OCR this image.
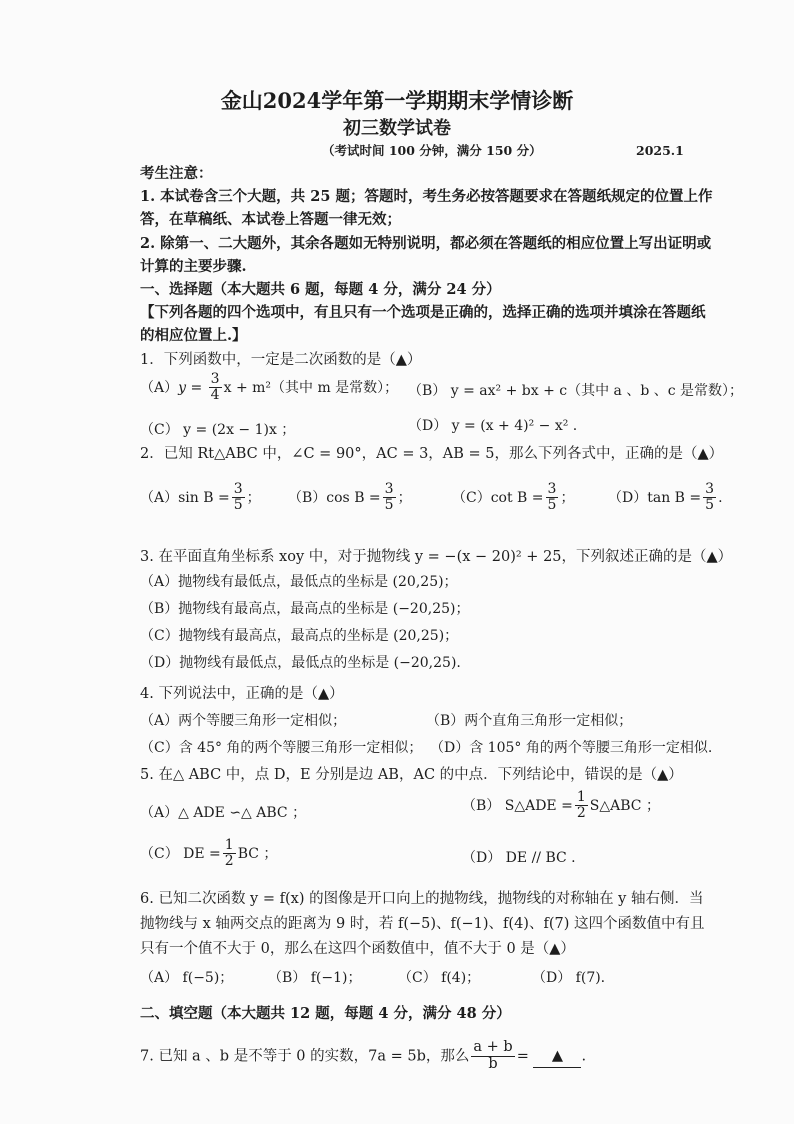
金山2024学年第一学期期末学情诊断
初三数学试卷
（考试时间 100 分钟，满分 150 分）	2025.1
考生注意：
1. 本试卷含三个大题，共 25 题；答题时，考生务必按答题要求在答题纸规定的位置上作
答，在草稿纸、本试卷上答题一律无效；
2. 除第一、二大题外，其余各题如无特别说明，都必须在答题纸的相应位置上写出证明或
计算的主要步骤.
一、选择题（本大题共 6 题，每题 4 分，满分 24 分）
【下列各题的四个选项中，有且只有一个选项是正确的，选择正确的选项并填涂在答题纸
的相应位置上.】
1．下列函数中，一定是二次函数的是（▲）
$(A)y = \frac{3}{4}$ x + m²（其中 m 是常数）； （B） y = ax² + bx + c（其中 a 、b 、c 是常数）；
（C） y = (2x − 1)x ；	（D） y = (x + 4)² − x² .
2．已知 Rt△ABC 中，∠C = 90°，AC = 3，AB = 5，那么下列各式中，正确的是（▲）
（A）sin $B = \frac{3}{5}$ ； （B）cos $B = \frac{3}{5}$ ；	（C）cot $B = \frac{3}{5}$ ； （D）tan $B = \frac{3}{5}$ .
3. 在平面直角坐标系 xoy 中，对于抛物线 y = −(x − 20)² + 25，下列叙述正确的是（▲）
（A）抛物线有最低点，最低点的坐标是 (20,25)；
（B）抛物线有最高点，最高点的坐标是 (−20,25)；
（C）抛物线有最高点，最高点的坐标是 (20,25)；
（D）抛物线有最低点，最低点的坐标是 (−20,25).
4. 下列说法中，正确的是（▲）
（A）两个等腰三角形一定相似；	（B）两个直角三角形一定相似；
（C）含 45° 角的两个等腰三角形一定相似； （D）含 105° 角的两个等腰三角形一定相似.
5. 在△ ABC 中，点 D，E 分别是边 AB，AC 的中点．下列结论中，错误的是（▲）
（A）△ ADE ∽△ ABC ；	（B） S△ADE = $\frac{1}{2}$ S△ABC ；
（C） DE = $\frac{1}{2}$ BC ；	（D） DE // BC .
6. 已知二次函数 y = f(x) 的图像是开口向上的抛物线，抛物线的对称轴在 y 轴右侧．当
抛物线与 x 轴两交点的距离为 9 时，若 f(−5)、f(−1)、f(4)、f(7) 这四个函数值中有且
只有一个值不大于 0，那么在这四个函数值中，值不大于 0 是（▲）
（A） f(−5)； （B） f(−1)；	（C） f(4)；	（D） f(7).
二、填空题（本大题共 12 题，每题 4 分，满分 48 分）
7. 已知 a 、b 是不等于 0 的实数，7a = 5b，那么 $\frac{a + b}{b}$ = ▲ .
